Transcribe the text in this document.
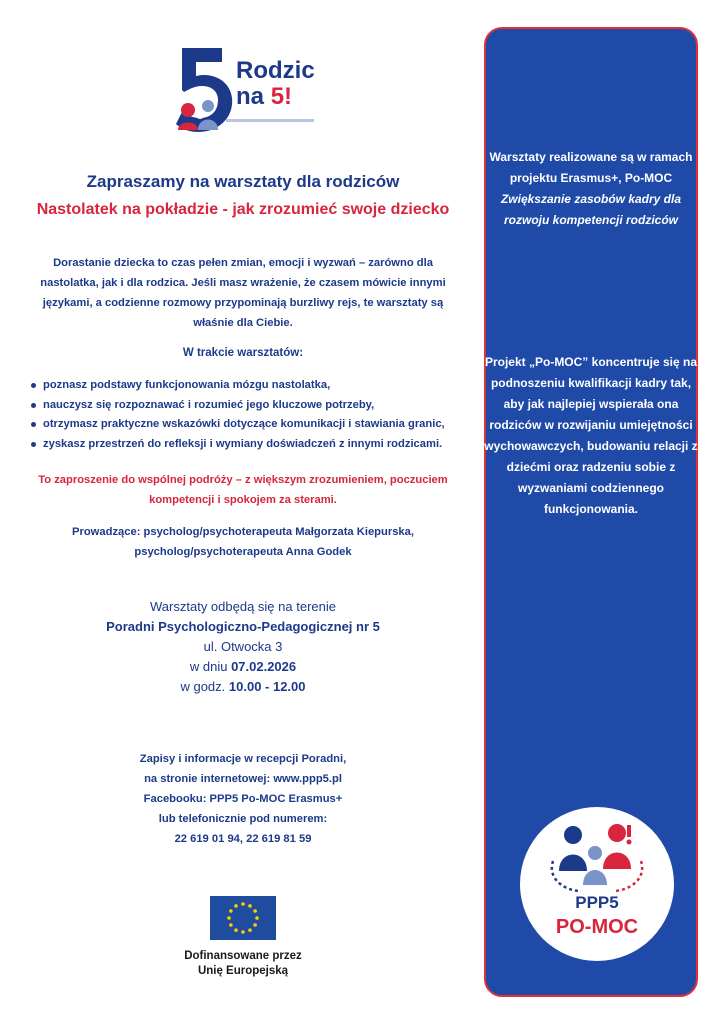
Rodzic
na 5!
Zapraszamy na warsztaty dla rodziców
Nastolatek na pokładzie - jak zrozumieć swoje dziecko
Dorastanie dziecka to czas pełen zmian, emocji i wyzwań – zarówno dla nastolatka, jak i dla rodzica. Jeśli masz wrażenie, że czasem mówicie innymi językami, a codzienne rozmowy przypominają burzliwy rejs, te warsztaty są właśnie dla Ciebie.
W trakcie warsztatów:
poznasz podstawy funkcjonowania mózgu nastolatka,
nauczysz się rozpoznawać i rozumieć jego kluczowe potrzeby,
otrzymasz praktyczne wskazówki dotyczące komunikacji i stawiania granic,
zyskasz przestrzeń do refleksji i wymiany doświadczeń z innymi rodzicami.
To zaproszenie do wspólnej podróży – z większym zrozumieniem, poczuciem kompetencji i spokojem za sterami.
Prowadzące: psycholog/psychoterapeuta Małgorzata Kiepurska,
psycholog/psychoterapeuta Anna Godek
Warsztaty odbędą się na terenie
Poradni Psychologiczno-Pedagogicznej nr 5
ul. Otwocka 3
w dniu 07.02.2026
w godz. 10.00 - 12.00
Zapisy i informacje w recepcji Poradni,
na stronie internetowej: www.ppp5.pl
Facebooku: PPP5 Po-MOC Erasmus+
lub telefonicznie pod numerem:
22 619 01 94, 22 619 81 59
Dofinansowane przez
Unię Europejską
Warsztaty realizowane są w ramach projektu Erasmus+, Po-MOC Zwiększanie zasobów kadry dla rozwoju kompetencji rodziców
Projekt „Po-MOC” koncentruje się na podnoszeniu kwalifikacji kadry tak, aby jak najlepiej wspierała ona rodziców w rozwijaniu umiejętności wychowawczych, budowaniu relacji z dziećmi oraz radzeniu sobie z wyzwaniami codziennego funkcjonowania.
PPP5
PO-MOC
